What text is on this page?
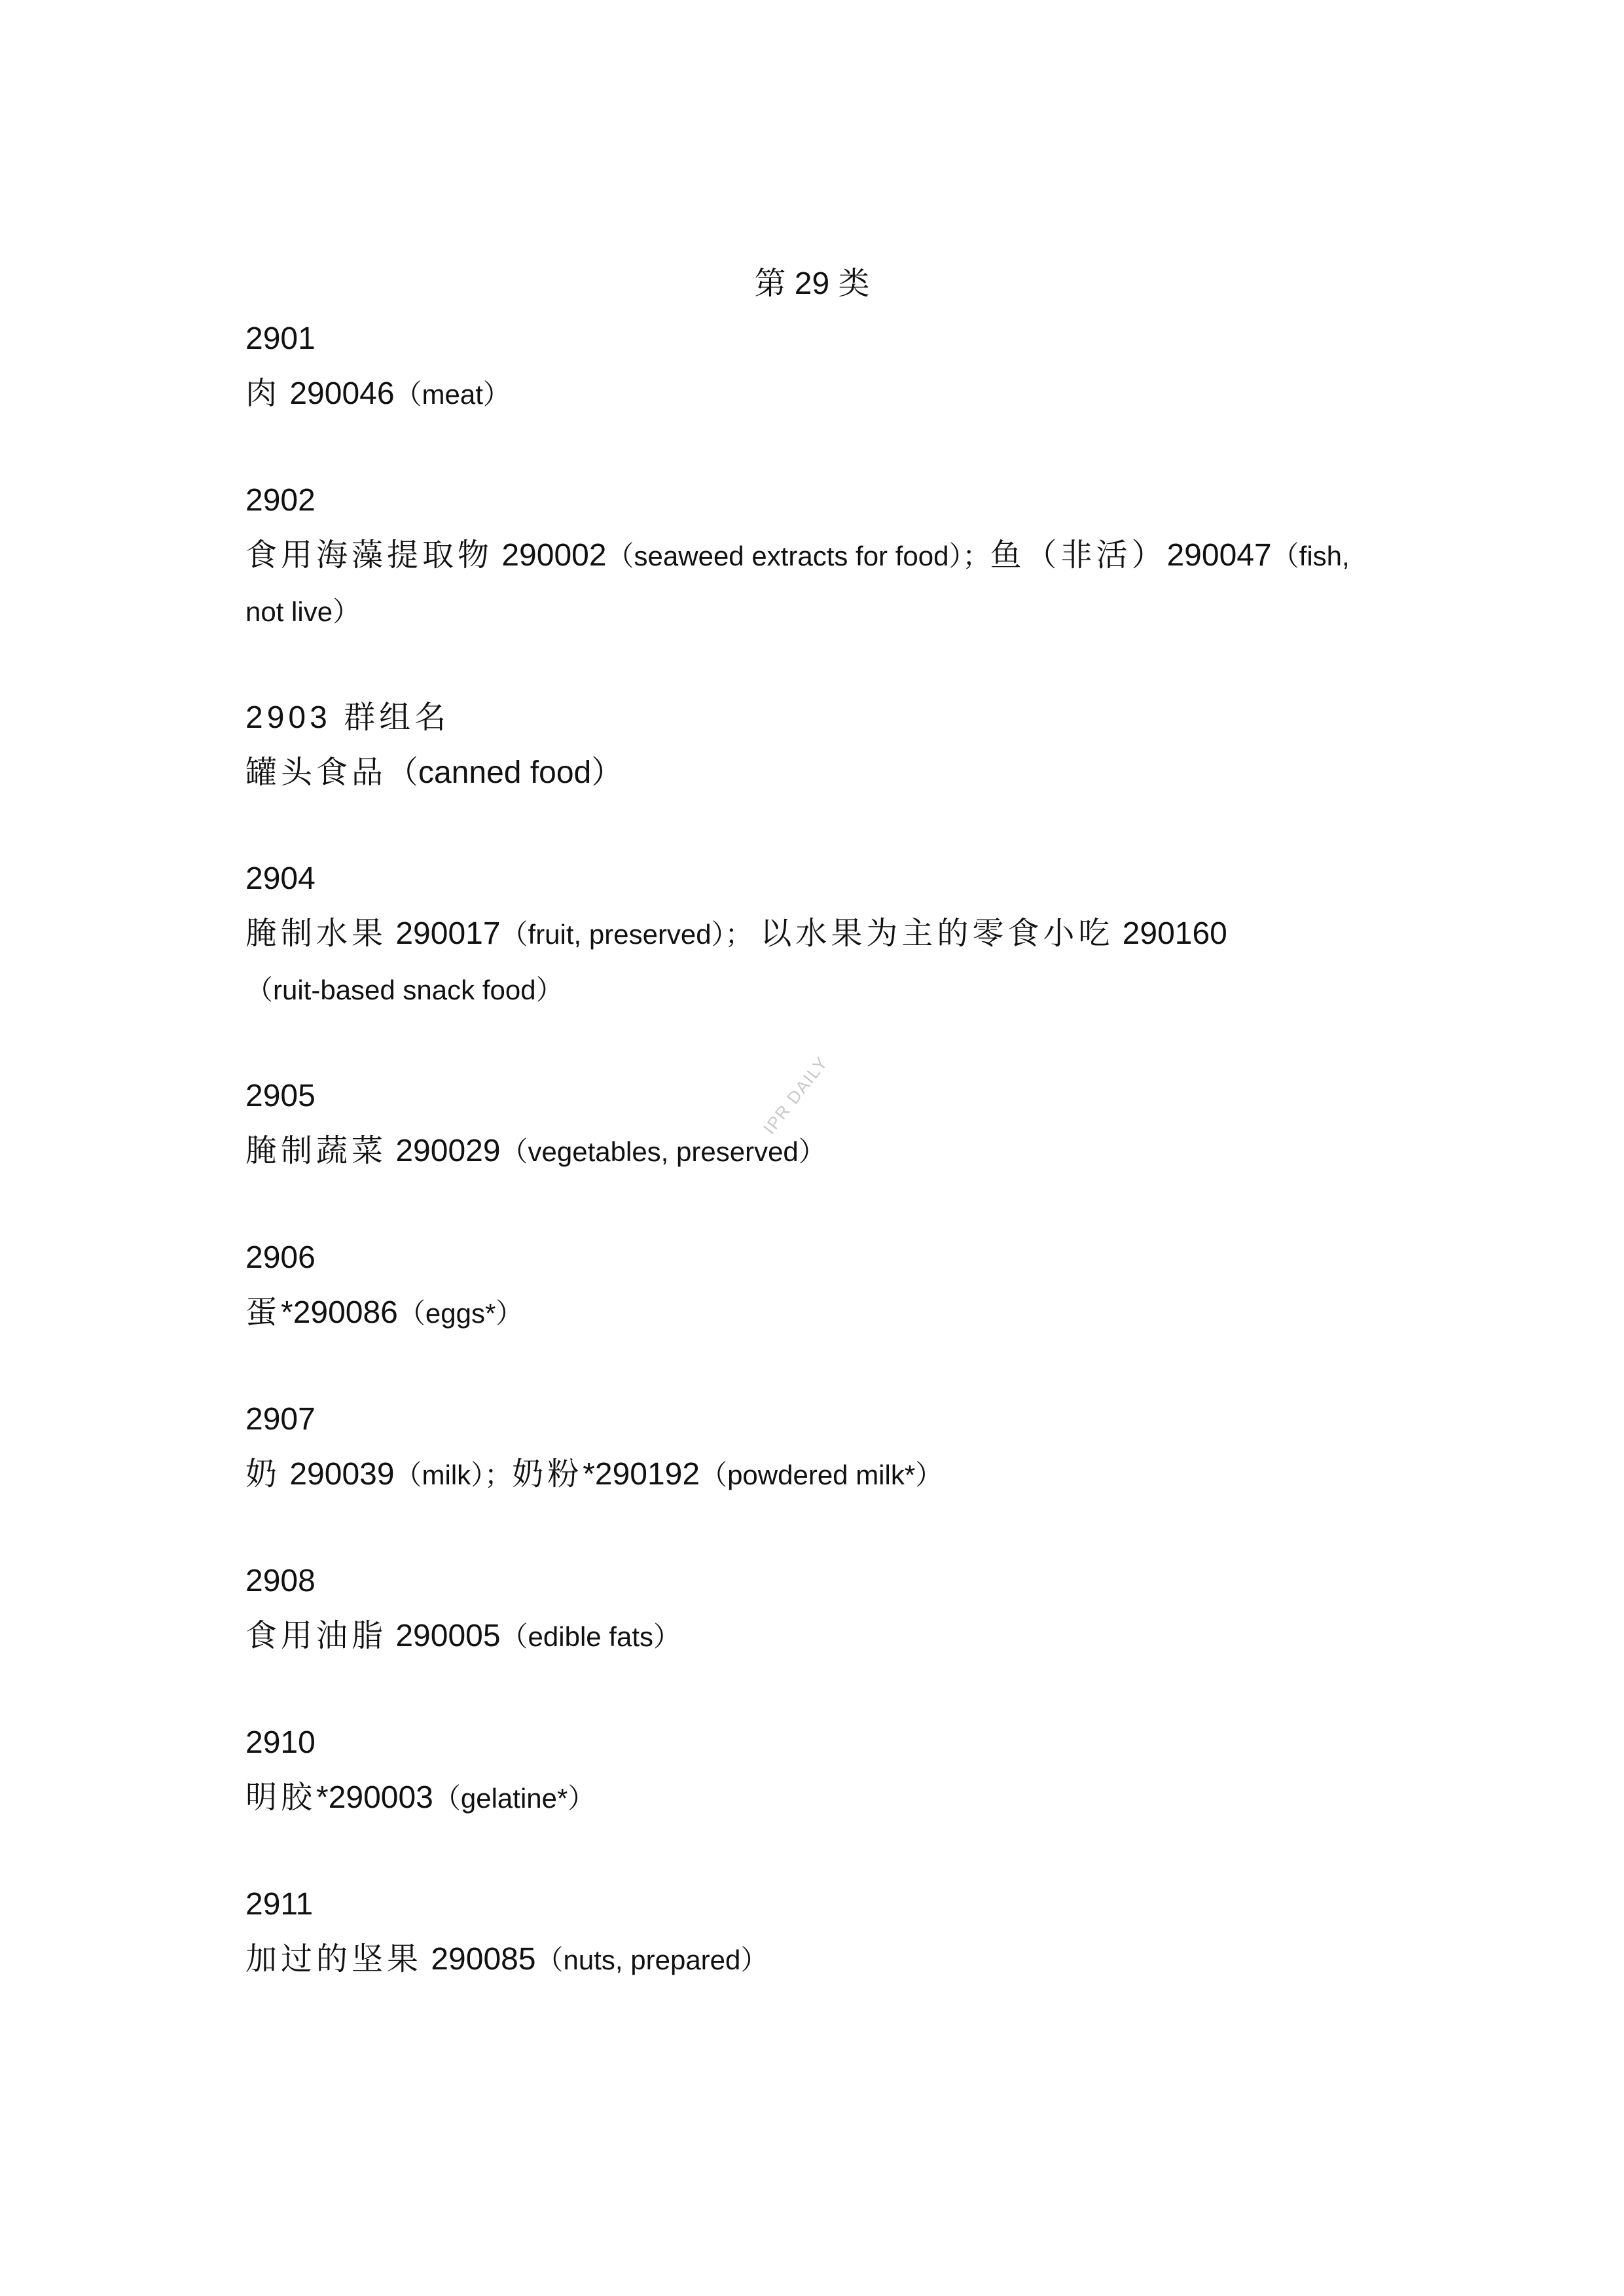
第 29 类
2901
肉 290046（meat）
2902
食用海藻提取物 290002（seaweed extracts for food）；鱼（非活）290047（fish, not live）
2903 群组名
罐头食品（canned food）
2904
腌制水果 290017（fruit, preserved）； 以水果为主的零食小吃 290160
（ruit-based snack food）
2905
腌制蔬菜 290029（vegetables, preserved）
2906
蛋*290086（eggs*）
2907
奶 290039（milk）；奶粉*290192（powdered milk*）
2908
食用油脂 290005（edible fats）
2910
明胶*290003（gelatine*）
2911
加过的坚果 290085（nuts, prepared）
IPR DAILY
